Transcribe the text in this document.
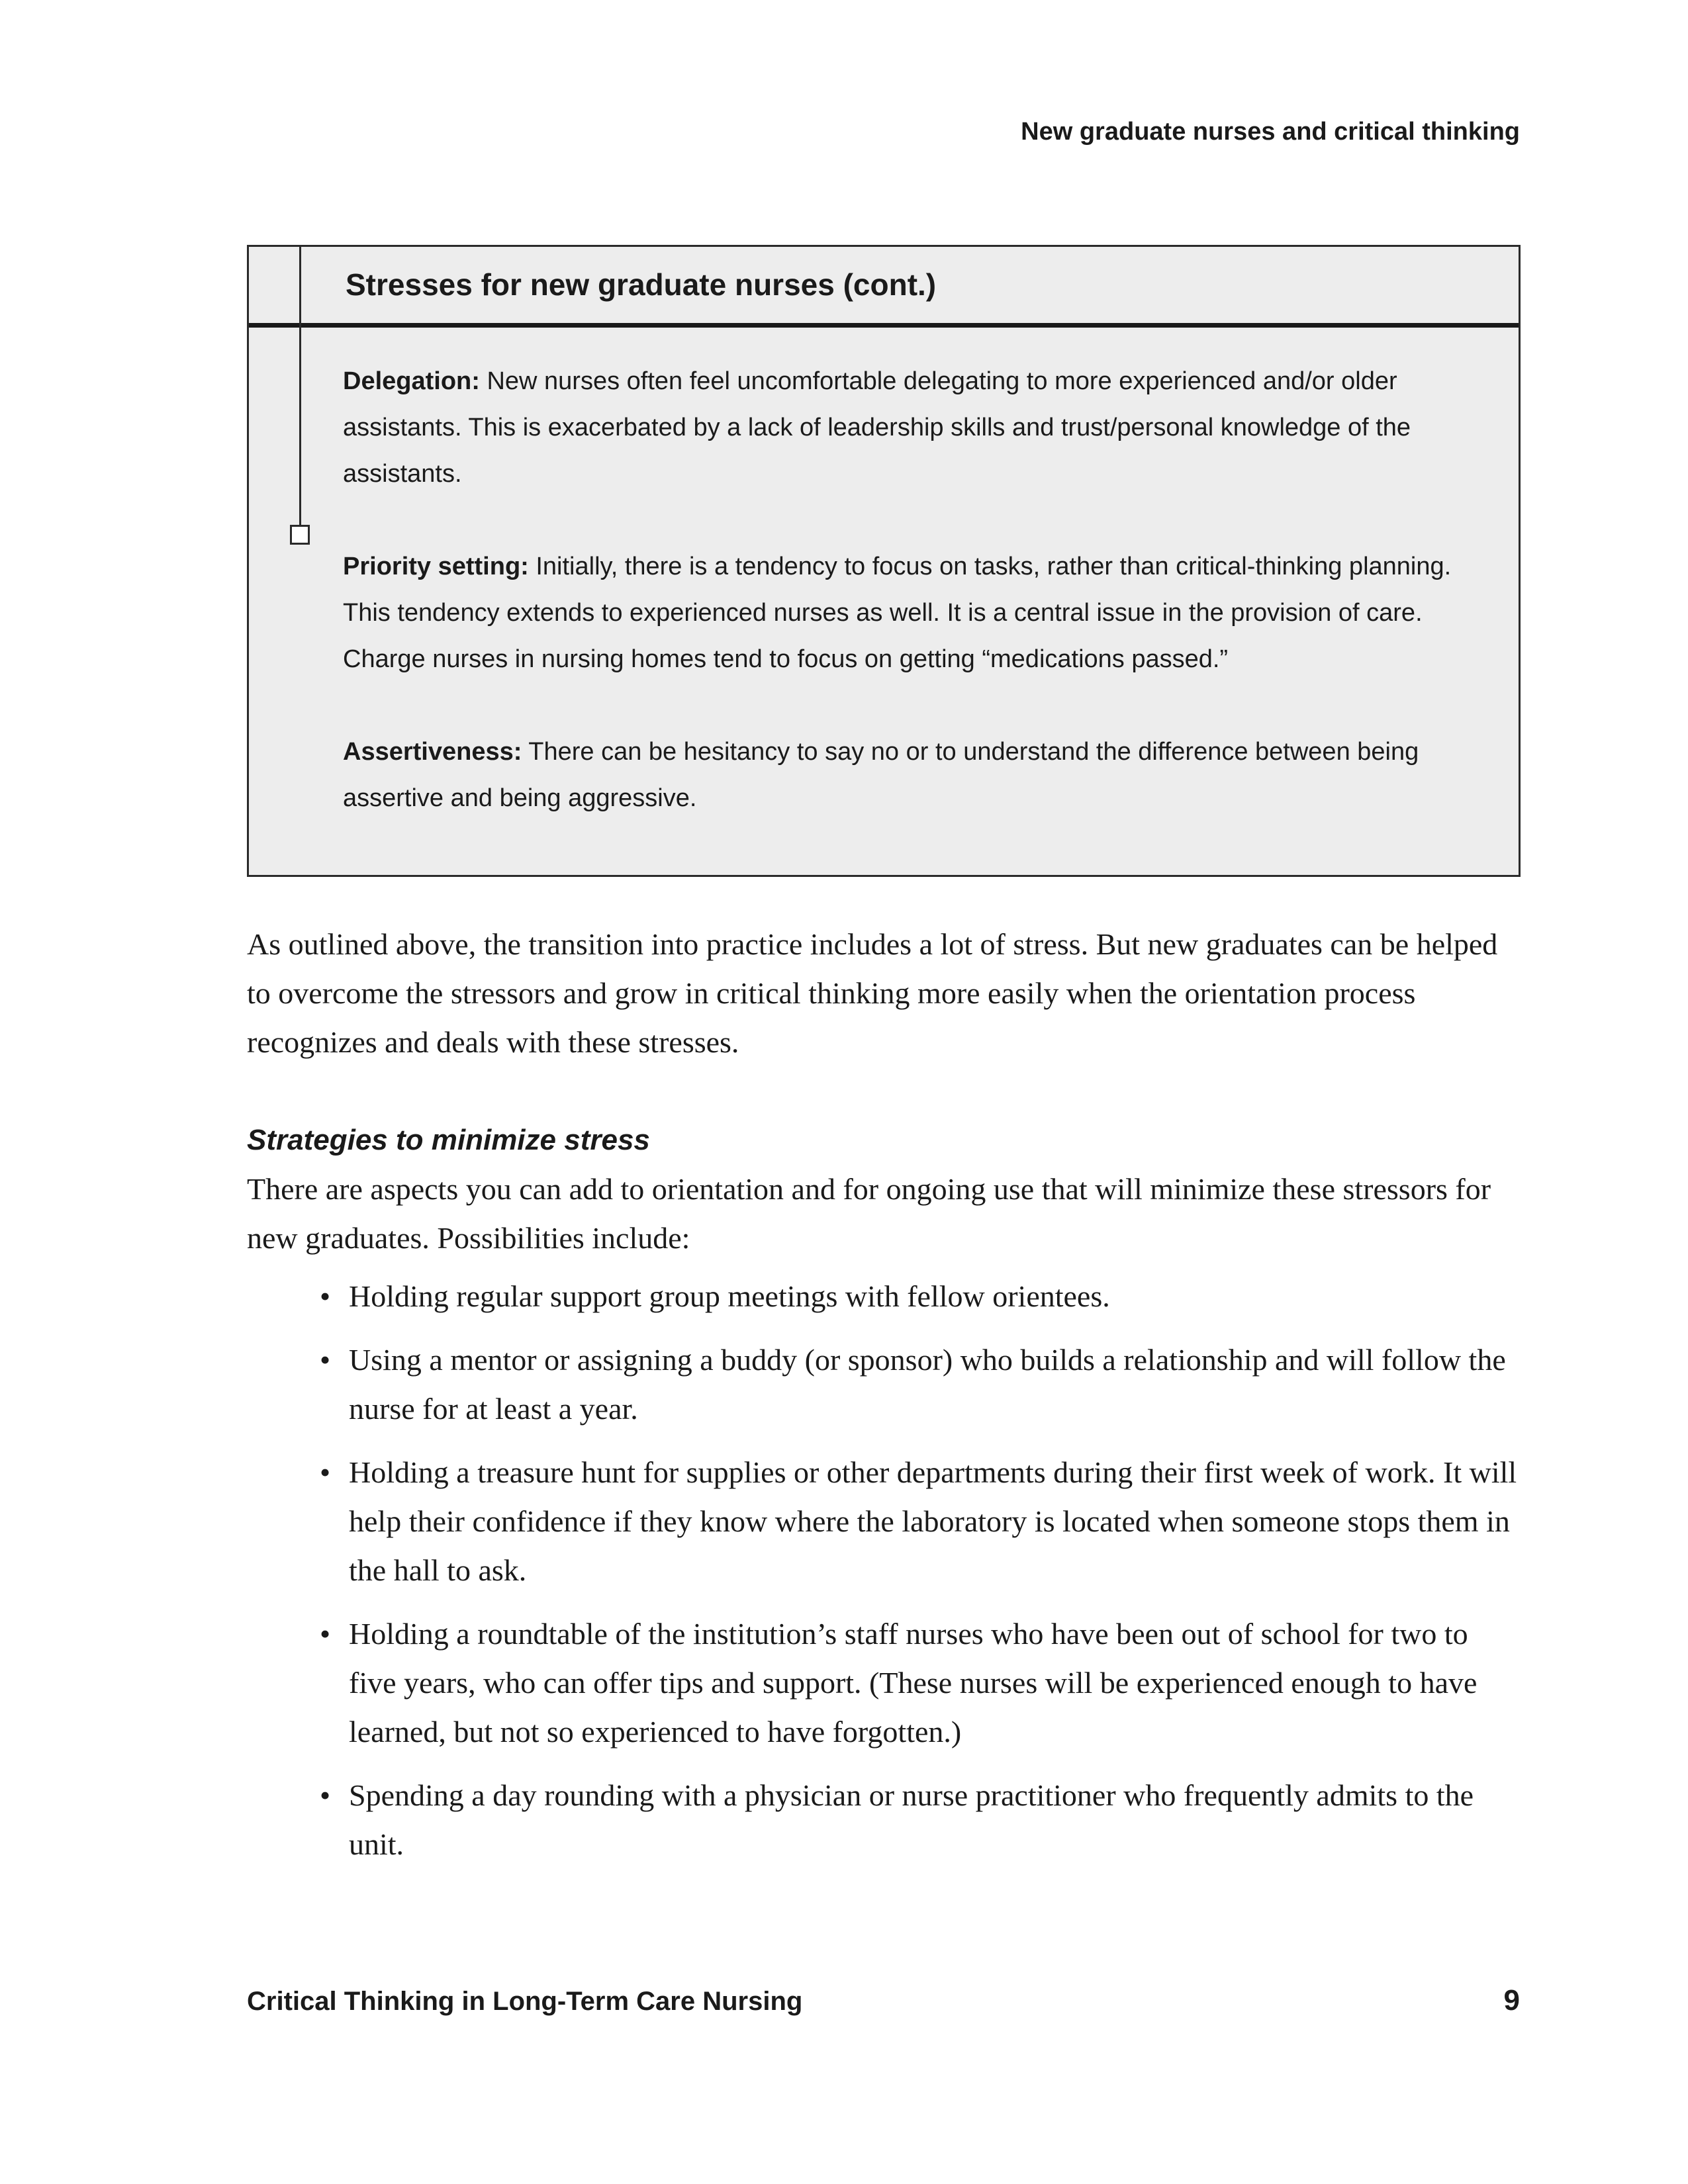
New graduate nurses and critical thinking
Stresses for new graduate nurses (cont.)

Delegation: New nurses often feel uncomfortable delegating to more experienced and/or older assistants. This is exacerbated by a lack of leadership skills and trust/personal knowledge of the assistants.

Priority setting: Initially, there is a tendency to focus on tasks, rather than critical-thinking planning. This tendency extends to experienced nurses as well. It is a central issue in the provision of care. Charge nurses in nursing homes tend to focus on getting “medications passed.”

Assertiveness: There can be hesitancy to say no or to understand the difference between being assertive and being aggressive.

As outlined above, the transition into practice includes a lot of stress. But new graduates can be helped to overcome the stressors and grow in critical thinking more easily when the orientation process recognizes and deals with these stresses.

Strategies to minimize stress

There are aspects you can add to orientation and for ongoing use that will minimize these stressors for new graduates. Possibilities include:

• Holding regular support group meetings with fellow orientees.
• Using a mentor or assigning a buddy (or sponsor) who builds a relationship and will follow the nurse for at least a year.
• Holding a treasure hunt for supplies or other departments during their first week of work. It will help their confidence if they know where the laboratory is located when someone stops them in the hall to ask.
• Holding a roundtable of the institution’s staff nurses who have been out of school for two to five years, who can offer tips and support. (These nurses will be experienced enough to have learned, but not so experienced to have forgotten.)
• Spending a day rounding with a physician or nurse practitioner who frequently admits to the unit.
Critical Thinking in Long-Term Care Nursing	9
